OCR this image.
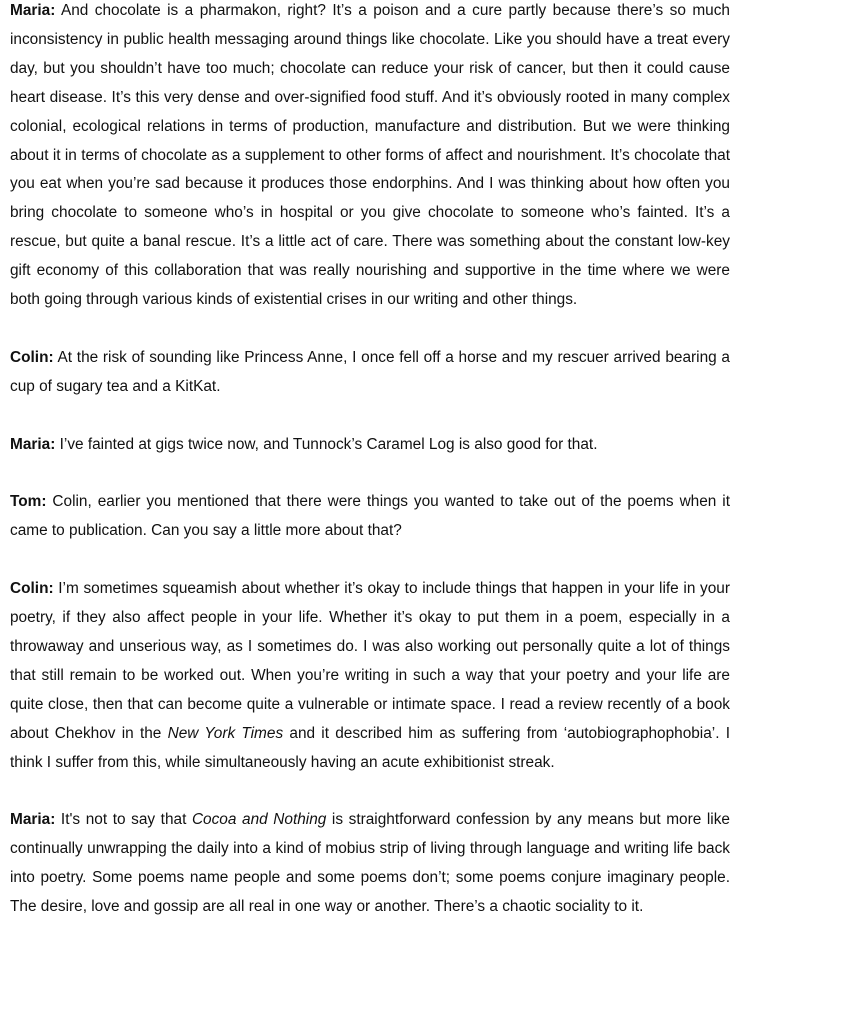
Maria: And chocolate is a pharmakon, right? It’s a poison and a cure partly because there’s so much inconsistency in public health messaging around things like chocolate. Like you should have a treat every day, but you shouldn’t have too much; chocolate can reduce your risk of cancer, but then it could cause heart disease. It’s this very dense and over-signified food stuff. And it’s obviously rooted in many complex colonial, ecological relations in terms of production, manufacture and distribution. But we were thinking about it in terms of chocolate as a supplement to other forms of affect and nourishment. It’s chocolate that you eat when you’re sad because it produces those endorphins. And I was thinking about how often you bring chocolate to someone who’s in hospital or you give chocolate to someone who’s fainted. It’s a rescue, but quite a banal rescue. It’s a little act of care. There was something about the constant low-key gift economy of this collaboration that was really nourishing and supportive in the time where we were both going through various kinds of existential crises in our writing and other things.

Colin: At the risk of sounding like Princess Anne, I once fell off a horse and my rescuer arrived bearing a cup of sugary tea and a KitKat.

Maria: I’ve fainted at gigs twice now, and Tunnock’s Caramel Log is also good for that.

Tom: Colin, earlier you mentioned that there were things you wanted to take out of the poems when it came to publication. Can you say a little more about that?

Colin: I’m sometimes squeamish about whether it’s okay to include things that happen in your life in your poetry, if they also affect people in your life. Whether it’s okay to put them in a poem, especially in a throwaway and unserious way, as I sometimes do. I was also working out personally quite a lot of things that still remain to be worked out. When you’re writing in such a way that your poetry and your life are quite close, then that can become quite a vulnerable or intimate space. I read a review recently of a book about Chekhov in the New York Times and it described him as suffering from ‘autobiographophobia’. I think I suffer from this, while simultaneously having an acute exhibitionist streak.

Maria: It's not to say that Cocoa and Nothing is straightforward confession by any means but more like continually unwrapping the daily into a kind of mobius strip of living through language and writing life back into poetry. Some poems name people and some poems don’t; some poems conjure imaginary people. The desire, love and gossip are all real in one way or another. There’s a chaotic sociality to it.
